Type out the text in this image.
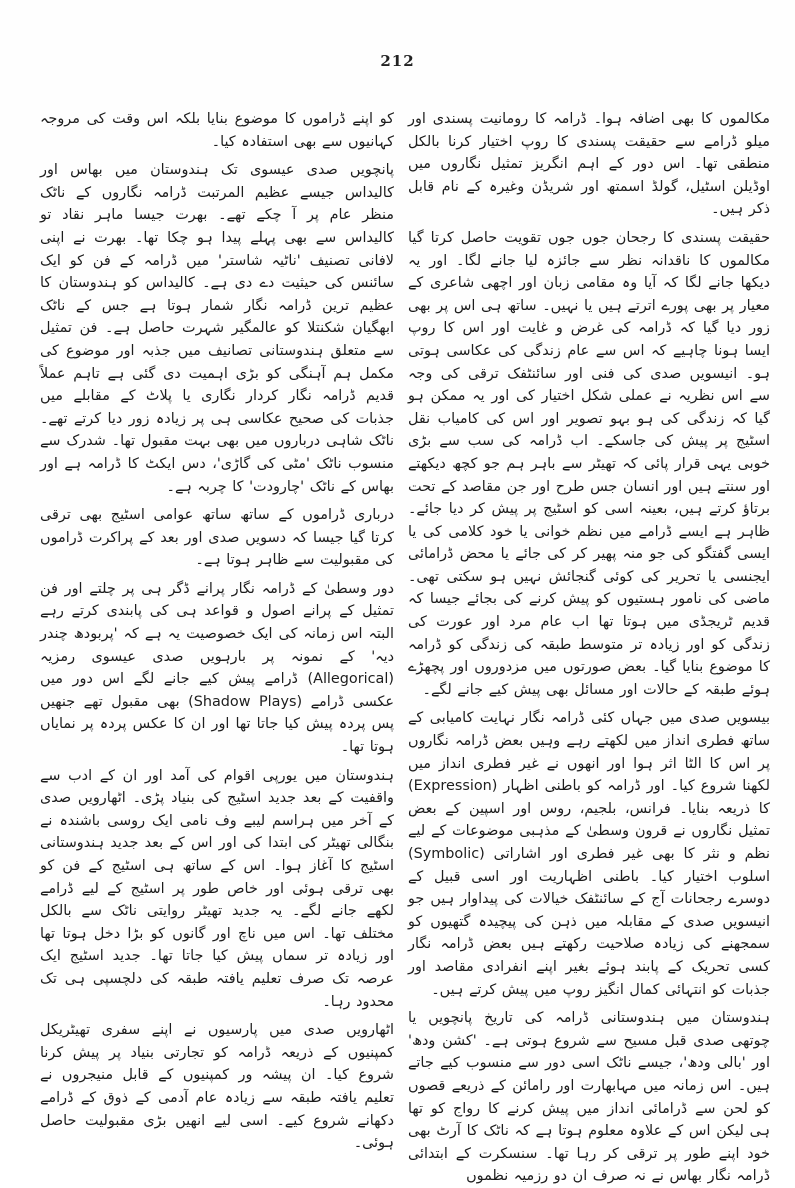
212

مکالموں کا بھی اضافہ ہوا۔ ڈرامہ کا رومانیت پسندی اور میلو ڈرامے سے حقیقت پسندی کا روپ اختیار کرنا بالکل منطقی تھا۔ اس دور کے اہم انگریز تمثیل نگاروں میں اوڈیلن اسٹیل، گولڈ اسمتھ اور شریڈن وغیرہ کے نام قابل ذکر ہیں۔

حقیقت پسندی کا رجحان جوں جوں تقویت حاصل کرتا گیا مکالموں کا ناقدانہ نظر سے جائزہ لیا جانے لگا۔ اور یہ دیکھا جانے لگا کہ آیا وہ مقامی زبان اور اچھی شاعری کے معیار پر بھی پورے اترتے ہیں یا نہیں۔ ساتھ ہی اس پر بھی زور دیا گیا کہ ڈرامہ کی غرض و غایت اور اس کا روپ ایسا ہونا چاہیے کہ اس سے عام زندگی کی عکاسی ہوتی ہو۔ انیسویں صدی کی فنی اور سائنٹفک ترقی کی وجہ سے اس نظریہ نے عملی شکل اختیار کی اور یہ ممکن ہو گیا کہ زندگی کی ہو بہو تصویر اور اس کی کامیاب نقل اسٹیج پر پیش کی جاسکے۔ اب ڈرامہ کی سب سے بڑی خوبی یہی قرار پائی کہ تھیٹر سے باہر ہم جو کچھ دیکھتے اور سنتے ہیں اور انسان جس طرح اور جن مقاصد کے تحت برتاؤ کرتے ہیں، بعینہ اسی کو اسٹیج پر پیش کر دیا جائے۔ ظاہر ہے ایسے ڈرامے میں نظم خوانی یا خود کلامی کی یا ایسی گفتگو کی جو منہ پھیر کر کی جائے یا محض ڈرامائی ایجنسی یا تحریر کی کوئی گنجائش نہیں ہو سکتی تھی۔ ماضی کی نامور ہستیوں کو پیش کرنے کی بجائے جیسا کہ قدیم ٹریجڈی میں ہوتا تھا اب عام مرد اور عورت کی زندگی کو اور زیادہ تر متوسط طبقہ کی زندگی کو ڈرامہ کا موضوع بنایا گیا۔ بعض صورتوں میں مزدوروں اور پچھڑے ہوئے طبقہ کے حالات اور مسائل بھی پیش کیے جانے لگے۔

بیسویں صدی میں جہاں کئی ڈرامہ نگار نہایت کامیابی کے ساتھ فطری انداز میں لکھتے رہے وہیں بعض ڈرامہ نگاروں پر اس کا الٹا اثر ہوا اور انھوں نے غیر فطری انداز میں لکھنا شروع کیا۔ اور ڈرامہ کو باطنی اظہار (Expression) کا ذریعہ بنایا۔ فرانس، بلجیم، روس اور اسپین کے بعض تمثیل نگاروں نے قرون وسطیٰ کے مذہبی موضوعات کے لیے نظم و نثر کا بھی غیر فطری اور اشاراتی (Symbolic) اسلوب اختیار کیا۔ باطنی اظہاریت اور اسی قبیل کے دوسرے رجحانات آج کے سائنٹفک خیالات کی پیداوار ہیں جو انیسویں صدی کے مقابلہ میں ذہن کی پیچیدہ گتھیوں کو سمجھنے کی زیادہ صلاحیت رکھتے ہیں بعض ڈرامہ نگار کسی تحریک کے پابند ہوئے بغیر اپنے انفرادی مقاصد اور جذبات کو انتہائی کمال انگیز روپ میں پیش کرتے ہیں۔

ہندوستان میں ہندوستانی ڈرامہ کی تاریخ پانچویں یا چوتھی صدی قبل مسیح سے شروع ہوتی ہے۔ 'کشن ودھ' اور 'بالی ودھ'، جیسے ناٹک اسی دور سے منسوب کیے جاتے ہیں۔ اس زمانہ میں مہابھارت اور رامائن کے ذریعے قصوں کو لحن سے ڈرامائی انداز میں پیش کرنے کا رواج کو تھا ہی لیکن اس کے علاوہ معلوم ہوتا ہے کہ ناٹک کا آرٹ بھی خود اپنے طور پر ترقی کر رہا تھا۔ سنسکرت کے ابتدائی ڈرامہ نگار بھاس نے نہ صرف ان دو رزمیہ نظموں

کو اپنے ڈراموں کا موضوع بنایا بلکہ اس وقت کی مروجہ کہانیوں سے بھی استفادہ کیا۔

پانچویں صدی عیسوی تک ہندوستان میں بھاس اور کالیداس جیسے عظیم المرتبت ڈرامہ نگاروں کے ناٹک منظر عام پر آ چکے تھے۔ بھرت جیسا ماہر نقاد تو کالیداس سے بھی پہلے پیدا ہو چکا تھا۔ بھرت نے اپنی لافانی تصنیف 'ناٹیہ شاستر' میں ڈرامہ کے فن کو ایک سائنس کی حیثیت دے دی ہے۔ کالیداس کو ہندوستان کا عظیم ترین ڈرامہ نگار شمار ہوتا ہے جس کے ناٹک ابھگیان شکنتلا کو عالمگیر شہرت حاصل ہے۔ فن تمثیل سے متعلق ہندوستانی تصانیف میں جذبہ اور موضوع کی مکمل ہم آہنگی کو بڑی اہمیت دی گئی ہے تاہم عملاً قدیم ڈرامہ نگار کردار نگاری یا پلاٹ کے مقابلے میں جذبات کی صحیح عکاسی ہی پر زیادہ زور دیا کرتے تھے۔ ناٹک شاہی درباروں میں بھی بہت مقبول تھا۔ شدرک سے منسوب ناٹک 'مٹی کی گاڑی'، دس ایکٹ کا ڈرامہ ہے اور بھاس کے ناٹک 'چارودت' کا چربہ ہے۔

درباری ڈراموں کے ساتھ ساتھ عوامی اسٹیج بھی ترقی کرتا گیا جیسا کہ دسویں صدی اور بعد کے پراکرت ڈراموں کی مقبولیت سے ظاہر ہوتا ہے۔

دور وسطیٰ کے ڈرامہ نگار پرانے ڈگر ہی پر چلتے اور فن تمثیل کے پرانے اصول و قواعد ہی کی پابندی کرتے رہے البتہ اس زمانہ کی ایک خصوصیت یہ ہے کہ 'پربودھ چندر دیہ' کے نمونہ پر بارہویں صدی عیسوی رمزیہ (Allegorical) ڈرامے پیش کیے جانے لگے اس دور میں عکسی ڈرامے (Shadow Plays) بھی مقبول تھے جنھیں پس پردہ پیش کیا جاتا تھا اور ان کا عکس پردہ پر نمایاں ہوتا تھا۔

ہندوستان میں یورپی اقوام کی آمد اور ان کے ادب سے واقفیت کے بعد جدید اسٹیج کی بنیاد پڑی۔ اٹھارویں صدی کے آخر میں ہراسم لیبے وف نامی ایک روسی باشندہ نے بنگالی تھیٹر کی ابتدا کی اور اس کے بعد جدید ہندوستانی اسٹیج کا آغاز ہوا۔ اس کے ساتھ ہی اسٹیج کے فن کو بھی ترقی ہوئی اور خاص طور پر اسٹیج کے لیے ڈرامے لکھے جانے لگے۔ یہ جدید تھیٹر روایتی ناٹک سے بالکل مختلف تھا۔ اس میں ناچ اور گانوں کو بڑا دخل ہوتا تھا اور زیادہ تر سماں پیش کیا جاتا تھا۔ جدید اسٹیج ایک عرصہ تک صرف تعلیم یافتہ طبقہ کی دلچسپی ہی تک محدود رہا۔

اٹھارویں صدی میں پارسیوں نے اپنے سفری تھیٹریکل کمپنیوں کے ذریعہ ڈرامہ کو تجارتی بنیاد پر پیش کرنا شروع کیا۔ ان پیشہ ور کمپنیوں کے قابل منیجروں نے تعلیم یافتہ طبقہ سے زیادہ عام آدمی کے ذوق کے ڈرامے دکھانے شروع کیے۔ اسی لیے انھیں بڑی مقبولیت حاصل ہوئی۔
